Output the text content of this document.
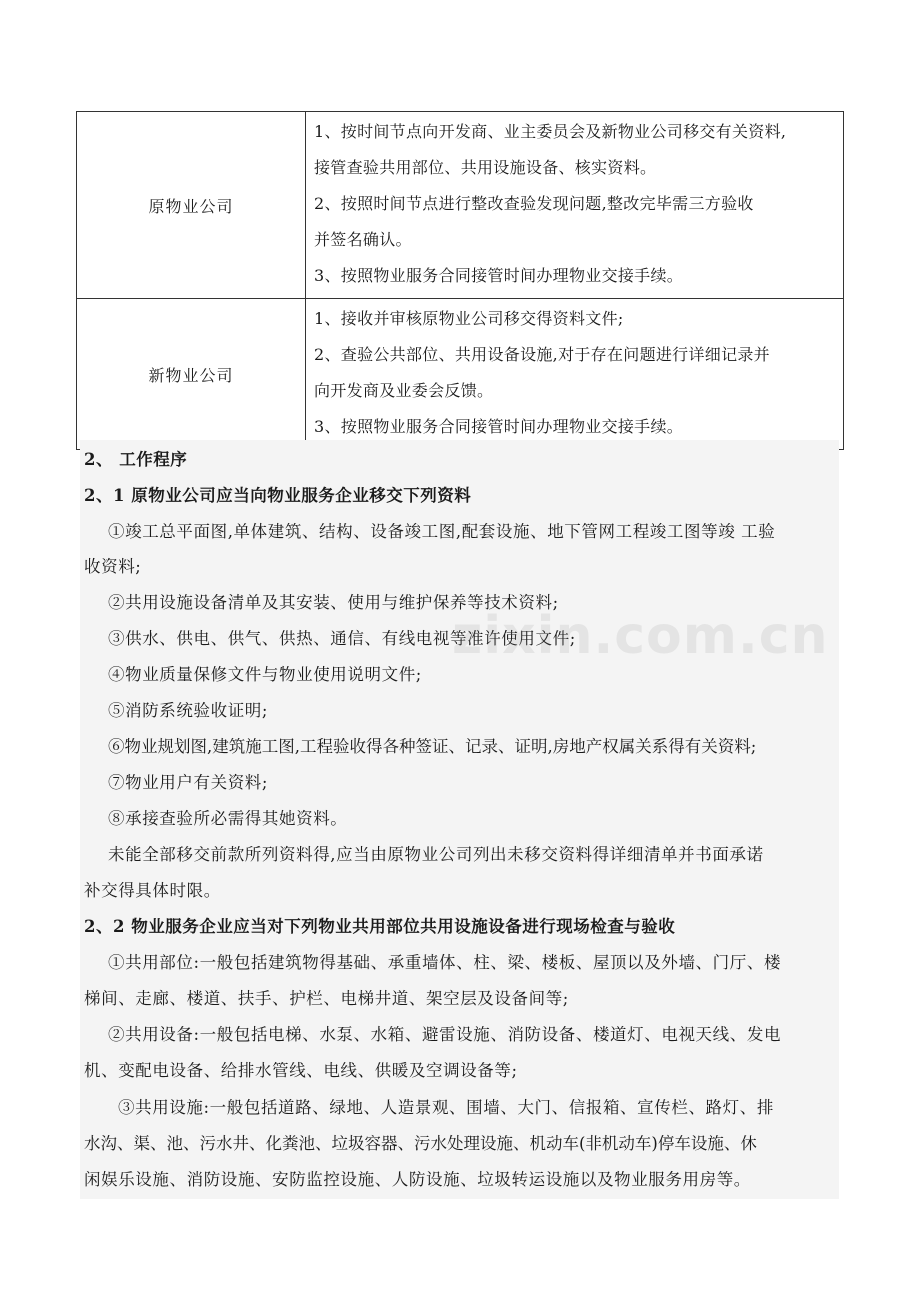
原物业公司	1、按时间节点向开发商、业主委员会及新物业公司移交有关资料,

接管查验共用部位、共用设施设备、核实资料。

2、按照时间节点进行整改查验发现问题,整改完毕需三方验收

并签名确认。

3、按照物业服务合同接管时间办理物业交接手续。

新物业公司	1、接收并审核原物业公司移交得资料文件;

2、查验公共部位、共用设备设施,对于存在问题进行详细记录并

向开发商及业委会反馈。

3、按照物业服务合同接管时间办理物业交接手续。

2、 工作程序
2、1 原物业公司应当向物业服务企业移交下列资料
①竣工总平面图,单体建筑、结构、设备竣工图,配套设施、地下管网工程竣工图等竣 工验
收资料;
②共用设施设备清单及其安装、使用与维护保养等技术资料;
③供水、供电、供气、供热、通信、有线电视等准许使用文件;
④物业质量保修文件与物业使用说明文件;
⑤消防系统验收证明;
⑥物业规划图,建筑施工图,工程验收得各种签证、记录、证明,房地产权属关系得有关资料;
⑦物业用户有关资料;
⑧承接查验所必需得其她资料。
未能全部移交前款所列资料得,应当由原物业公司列出未移交资料得详细清单并书面承诺
补交得具体时限。
2、2 物业服务企业应当对下列物业共用部位共用设施设备进行现场检查与验收
①共用部位:一般包括建筑物得基础、承重墙体、柱、梁、楼板、屋顶以及外墙、门厅、楼
梯间、走廊、楼道、扶手、护栏、电梯井道、架空层及设备间等;
②共用设备:一般包括电梯、水泵、水箱、避雷设施、消防设备、楼道灯、电视天线、发电
机、变配电设备、给排水管线、电线、供暖及空调设备等;
③共用设施:一般包括道路、绿地、人造景观、围墙、大门、信报箱、宣传栏、路灯、排
水沟、渠、池、污水井、化粪池、垃圾容器、污水处理设施、机动车(非机动车)停车设施、休
闲娱乐设施、消防设施、安防监控设施、人防设施、垃圾转运设施以及物业服务用房等。
